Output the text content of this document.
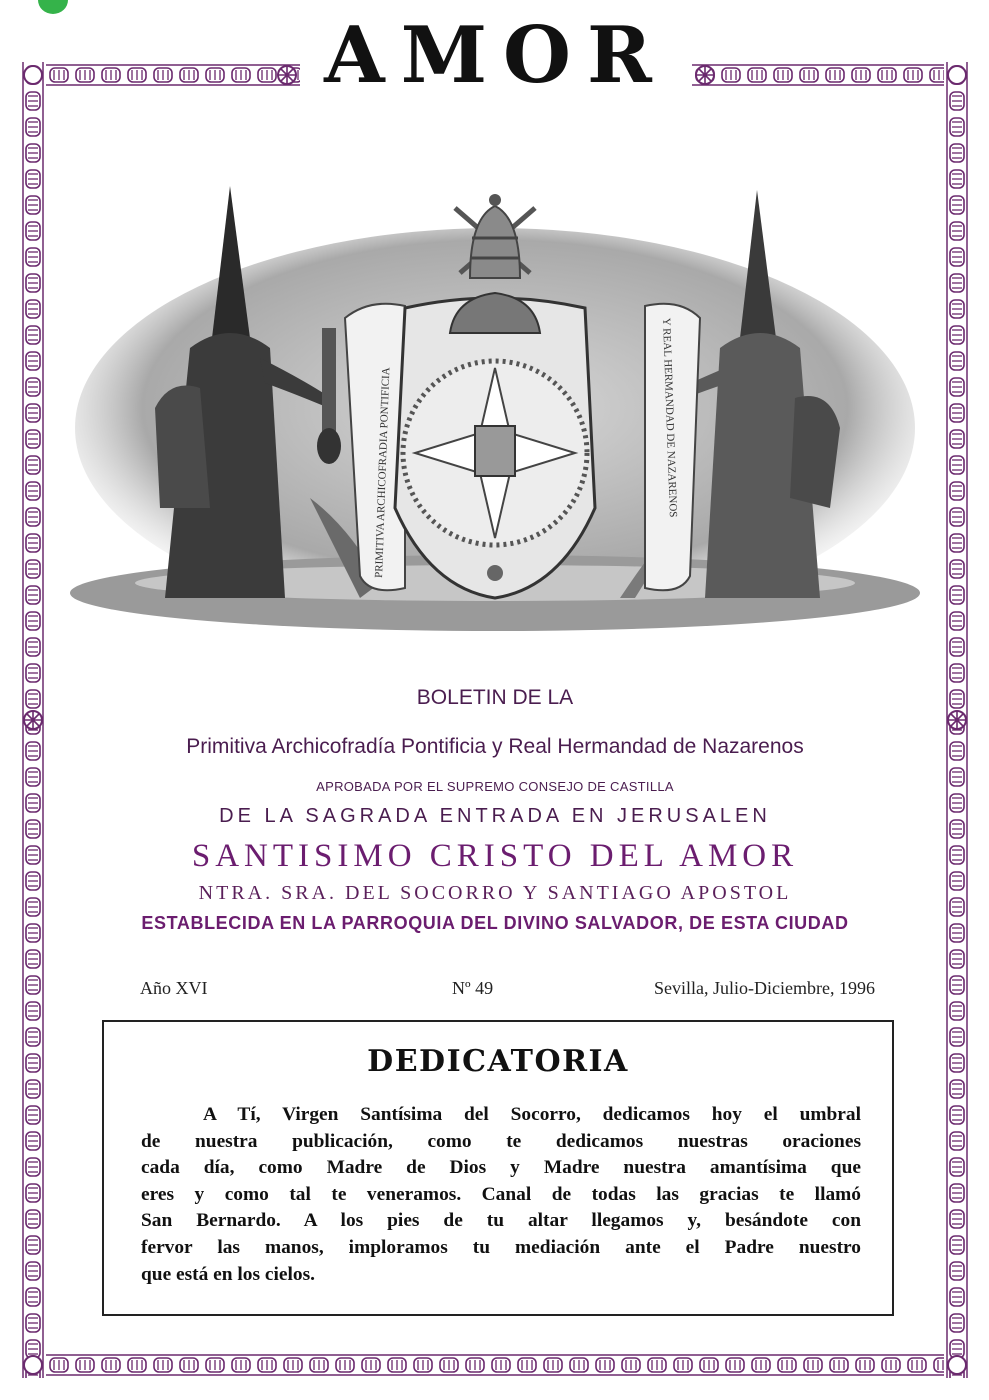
AMOR
PRIMITIVA ARCHICOFRADIA PONTIFICIA	Y REAL HERMANDAD DE NAZARENOS
BOLETIN DE LA
Primitiva Archicofradía Pontificia y Real Hermandad de Nazarenos
APROBADA POR EL SUPREMO CONSEJO DE CASTILLA
DE LA SAGRADA ENTRADA EN JERUSALEN
SANTISIMO CRISTO DEL AMOR
NTRA. SRA. DEL SOCORRO Y SANTIAGO APOSTOL
ESTABLECIDA EN LA PARROQUIA DEL DIVINO SALVADOR, DE ESTA CIUDAD
Año XVI	Nº 49	Sevilla, Julio-Diciembre, 1996
DEDICATORIA
A Tí, Virgen Santísima del Socorro, dedicamos hoy el umbral
de nuestra publicación, como te dedicamos nuestras oraciones
cada día, como Madre de Dios y Madre nuestra amantísima que
eres y como tal te veneramos. Canal de todas las gracias te llamó
San Bernardo. A los pies de tu altar llegamos y, besándote con
fervor las manos, imploramos tu mediación ante el Padre nuestro
que está en los cielos.
